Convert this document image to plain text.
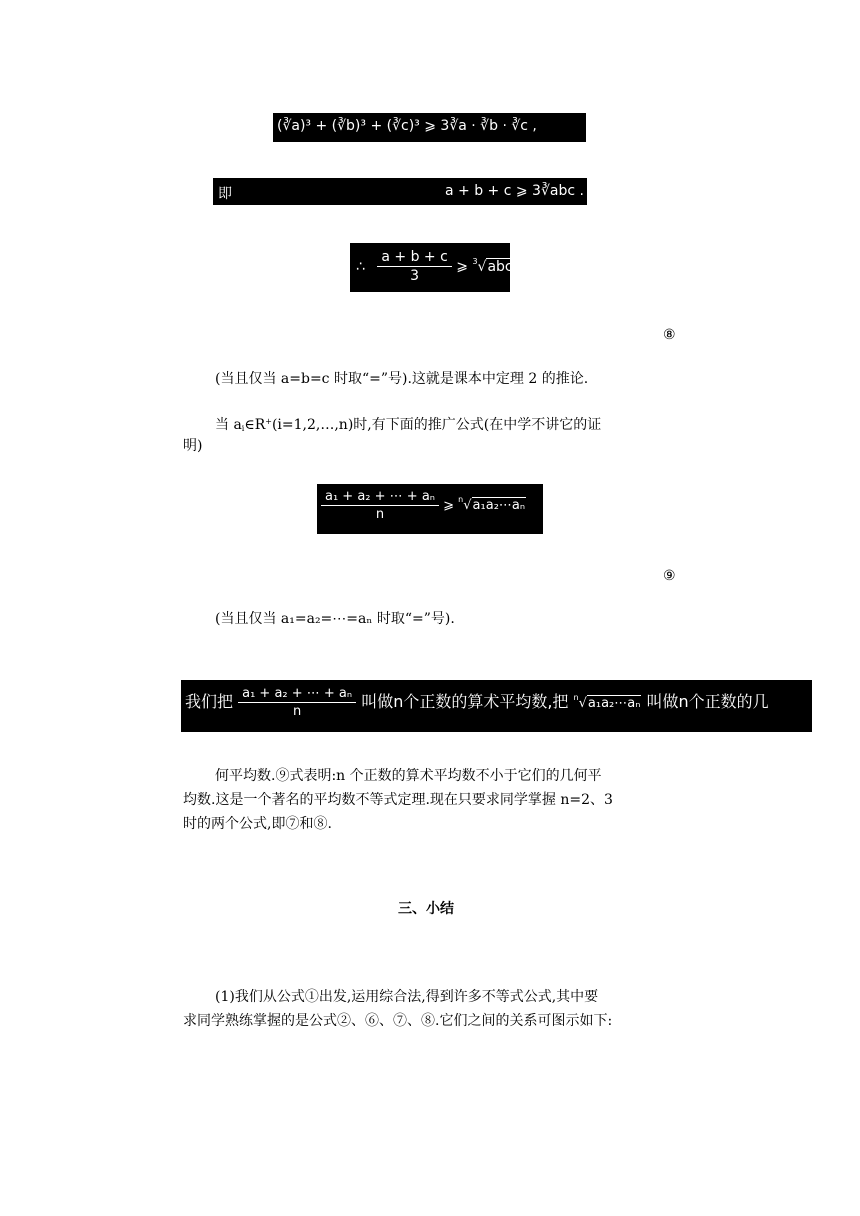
(∛a)³ + (∛b)³ + (∛c)³ ⩾ 3∛a · ∛b · ∛c ,
即	a + b + c ⩾ 3∛abc .
∴ $\frac{a + b + c}{3}$ ⩾ $^3$√abc
⑧
(当且仅当 a=b=c 时取“=”号).这就是课本中定理 2 的推论.
当 ai∈R+(i=1,2,…,n)时,有下面的推广公式(在中学不讲它的证
明)
$\frac{\text{a₁ + a₂ + ⋯ + aₙ}}{n}$ ⩾ $^n$√a₁a₂⋯aₙ
⑨
(当且仅当 a₁=a₂=⋯=aₙ 时取“=”号).
我们把 $\frac{\text{a₁ + a₂ + ⋯ + aₙ}}{n}$ 叫做n个正数的算术平均数,把 $^n$√a₁a₂⋯aₙ 叫做n个正数的几
何平均数.⑨式表明:n 个正数的算术平均数不小于它们的几何平
均数.这是一个著名的平均数不等式定理.现在只要求同学掌握 n=2、3
时的两个公式,即⑦和⑧.
三、小结
(1)我们从公式①出发,运用综合法,得到许多不等式公式,其中要
求同学熟练掌握的是公式②、⑥、⑦、⑧.它们之间的关系可图示如下:
